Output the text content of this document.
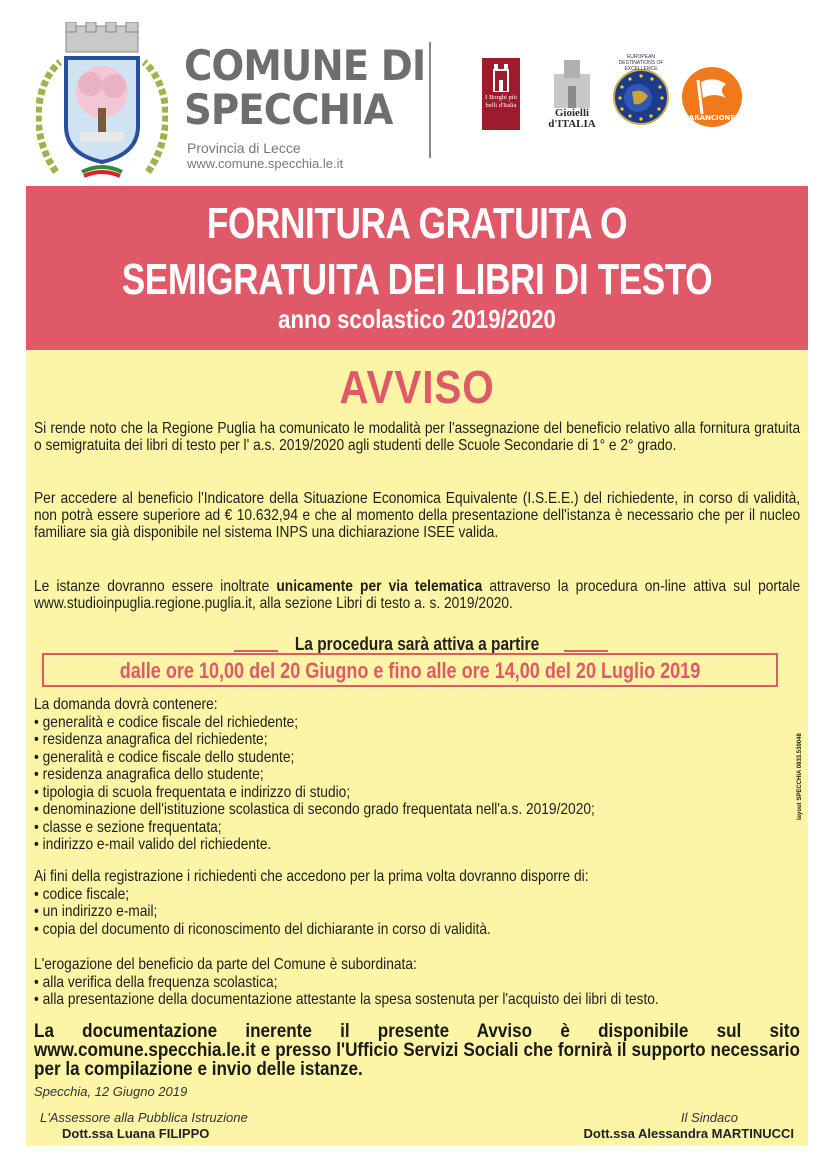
COMUNE DI
SPECCHIA
Provincia di Lecce
www.comune.specchia.le.it
I Borghi più belli d'Italia
Gioielli
d'ITALIA
EUROPEAN DESTINATIONS OF EXCELLENCE
ARANCIONE
FORNITURA GRATUITA O
SEMIGRATUITA DEI LIBRI DI TESTO
anno scolastico 2019/2020
AVVISO
Si rende noto che la Regione Puglia ha comunicato le modalità per l'assegnazione del beneficio relativo alla fornitura gratuita o semigratuita dei libri di testo per l' a.s. 2019/2020 agli studenti delle Scuole Secondarie di 1° e 2° grado.
Per accedere al beneficio l'Indicatore della Situazione Economica Equivalente (I.S.E.E.) del richiedente, in corso di validità, non potrà essere superiore ad € 10.632,94 e che al momento della presentazione dell'istanza è necessario che per il nucleo familiare sia già disponibile nel sistema INPS una dichiarazione ISEE valida.
Le istanze dovranno essere inoltrate unicamente per via telematica attraverso la procedura on-line attiva sul portale www.studioinpuglia.regione.puglia.it, alla sezione Libri di testo a. s. 2019/2020.
La procedura sarà attiva a partire
dalle ore 10,00 del 20 Giugno e fino alle ore 14,00 del 20 Luglio 2019
La domanda dovrà contenere:
• generalità e codice fiscale del richiedente;
• residenza anagrafica del richiedente;
• generalità e codice fiscale dello studente;
• residenza anagrafica dello studente;
• tipologia di scuola frequentata e indirizzo di studio;
• denominazione dell'istituzione scolastica di secondo grado frequentata nell'a.s. 2019/2020;
• classe e sezione frequentata;
• indirizzo e-mail valido del richiedente.
Ai fini della registrazione i richiedenti che accedono per la prima volta dovranno disporre di:
• codice fiscale;
• un indirizzo e-mail;
• copia del documento di riconoscimento del dichiarante in corso di validità.
L'erogazione del beneficio da parte del Comune è subordinata:
• alla verifica della frequenza scolastica;
• alla presentazione della documentazione attestante la spesa sostenuta per l'acquisto dei libri di testo.
La documentazione inerente il presente Avviso è disponibile sul sito www.comune.specchia.le.it e presso l'Ufficio Servizi Sociali che fornirà il supporto necessario per la compilazione e invio delle istanze.
Specchia, 12 Giugno 2019
L'Assessore alla Pubblica Istruzione
Dott.ssa Luana FILIPPO
Il Sindaco
Dott.ssa Alessandra MARTINUCCI
layout SPECCHIA 0833.539048
